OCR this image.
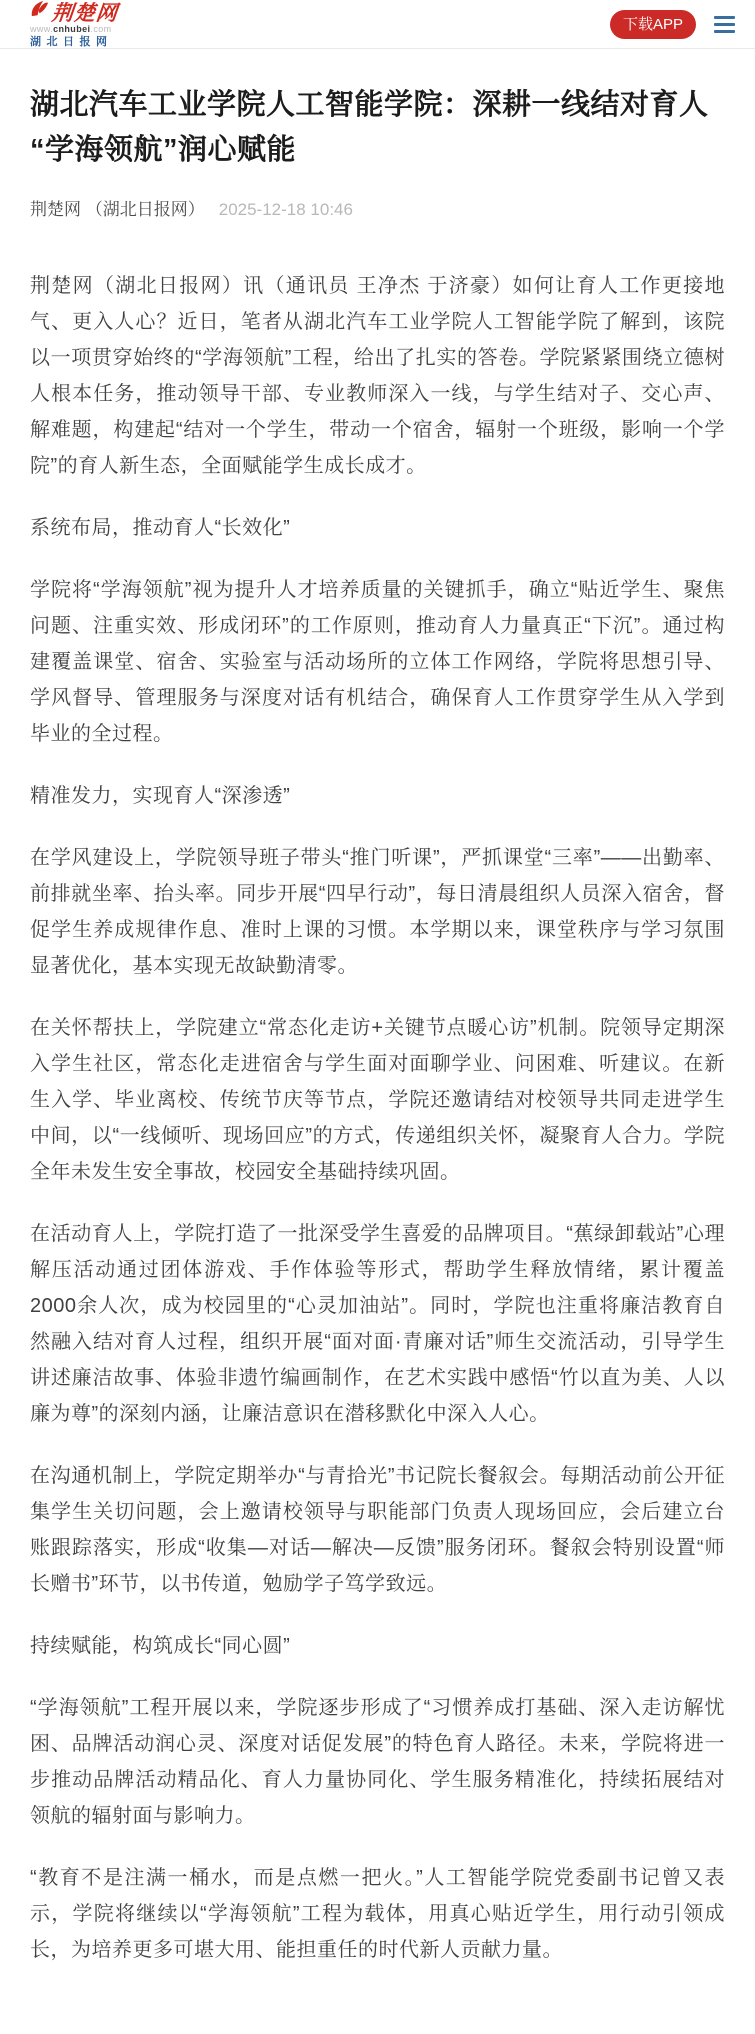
荆楚网
www.cnhubei.com
湖北日报网
下载APP
湖北汽车工业学院人工智能学院：深耕一线结对育人 “学海领航”润心赋能
荆楚网 （湖北日报网） 2025-12-18 10:46

荆楚网（湖北日报网）讯（通讯员 王净杰 于济豪）如何让育人工作更接地气、更入人心？近日，笔者从湖北汽车工业学院人工智能学院了解到，该院以一项贯穿始终的“学海领航”工程，给出了扎实的答卷。学院紧紧围绕立德树人根本任务，推动领导干部、专业教师深入一线，与学生结对子、交心声、解难题，构建起“结对一个学生，带动一个宿舍，辐射一个班级，影响一个学院”的育人新生态，全面赋能学生成长成才。

系统布局，推动育人“长效化”

学院将“学海领航”视为提升人才培养质量的关键抓手，确立“贴近学生、聚焦问题、注重实效、形成闭环”的工作原则，推动育人力量真正“下沉”。通过构建覆盖课堂、宿舍、实验室与活动场所的立体工作网络，学院将思想引导、学风督导、管理服务与深度对话有机结合，确保育人工作贯穿学生从入学到毕业的全过程。

精准发力，实现育人“深渗透”

在学风建设上，学院领导班子带头“推门听课”，严抓课堂“三率”——出勤率、前排就坐率、抬头率。同步开展“四早行动”，每日清晨组织人员深入宿舍，督促学生养成规律作息、准时上课的习惯。本学期以来，课堂秩序与学习氛围显著优化，基本实现无故缺勤清零。

在关怀帮扶上，学院建立“常态化走访+关键节点暖心访”机制。院领导定期深入学生社区，常态化走进宿舍与学生面对面聊学业、问困难、听建议。在新生入学、毕业离校、传统节庆等节点，学院还邀请结对校领导共同走进学生中间，以“一线倾听、现场回应”的方式，传递组织关怀，凝聚育人合力。学院全年未发生安全事故，校园安全基础持续巩固。

在活动育人上，学院打造了一批深受学生喜爱的品牌项目。“蕉绿卸载站”心理解压活动通过团体游戏、手作体验等形式，帮助学生释放情绪，累计覆盖2000余人次，成为校园里的“心灵加油站”。同时，学院也注重将廉洁教育自然融入结对育人过程，组织开展“面对面·青廉对话”师生交流活动，引导学生讲述廉洁故事、体验非遗竹编画制作，在艺术实践中感悟“竹以直为美、人以廉为尊”的深刻内涵，让廉洁意识在潜移默化中深入人心。

在沟通机制上，学院定期举办“与青拾光”书记院长餐叙会。每期活动前公开征集学生关切问题，会上邀请校领导与职能部门负责人现场回应，会后建立台账跟踪落实，形成“收集—对话—解决—反馈”服务闭环。餐叙会特别设置“师长赠书”环节，以书传道，勉励学子笃学致远。

持续赋能，构筑成长“同心圆”

“学海领航”工程开展以来，学院逐步形成了“习惯养成打基础、深入走访解忧困、品牌活动润心灵、深度对话促发展”的特色育人路径。未来，学院将进一步推动品牌活动精品化、育人力量协同化、学生服务精准化，持续拓展结对领航的辐射面与影响力。

“教育不是注满一桶水，而是点燃一把火。”人工智能学院党委副书记曾又表示，学院将继续以“学海领航”工程为载体，用真心贴近学生，用行动引领成长，为培养更多可堪大用、能担重任的时代新人贡献力量。
